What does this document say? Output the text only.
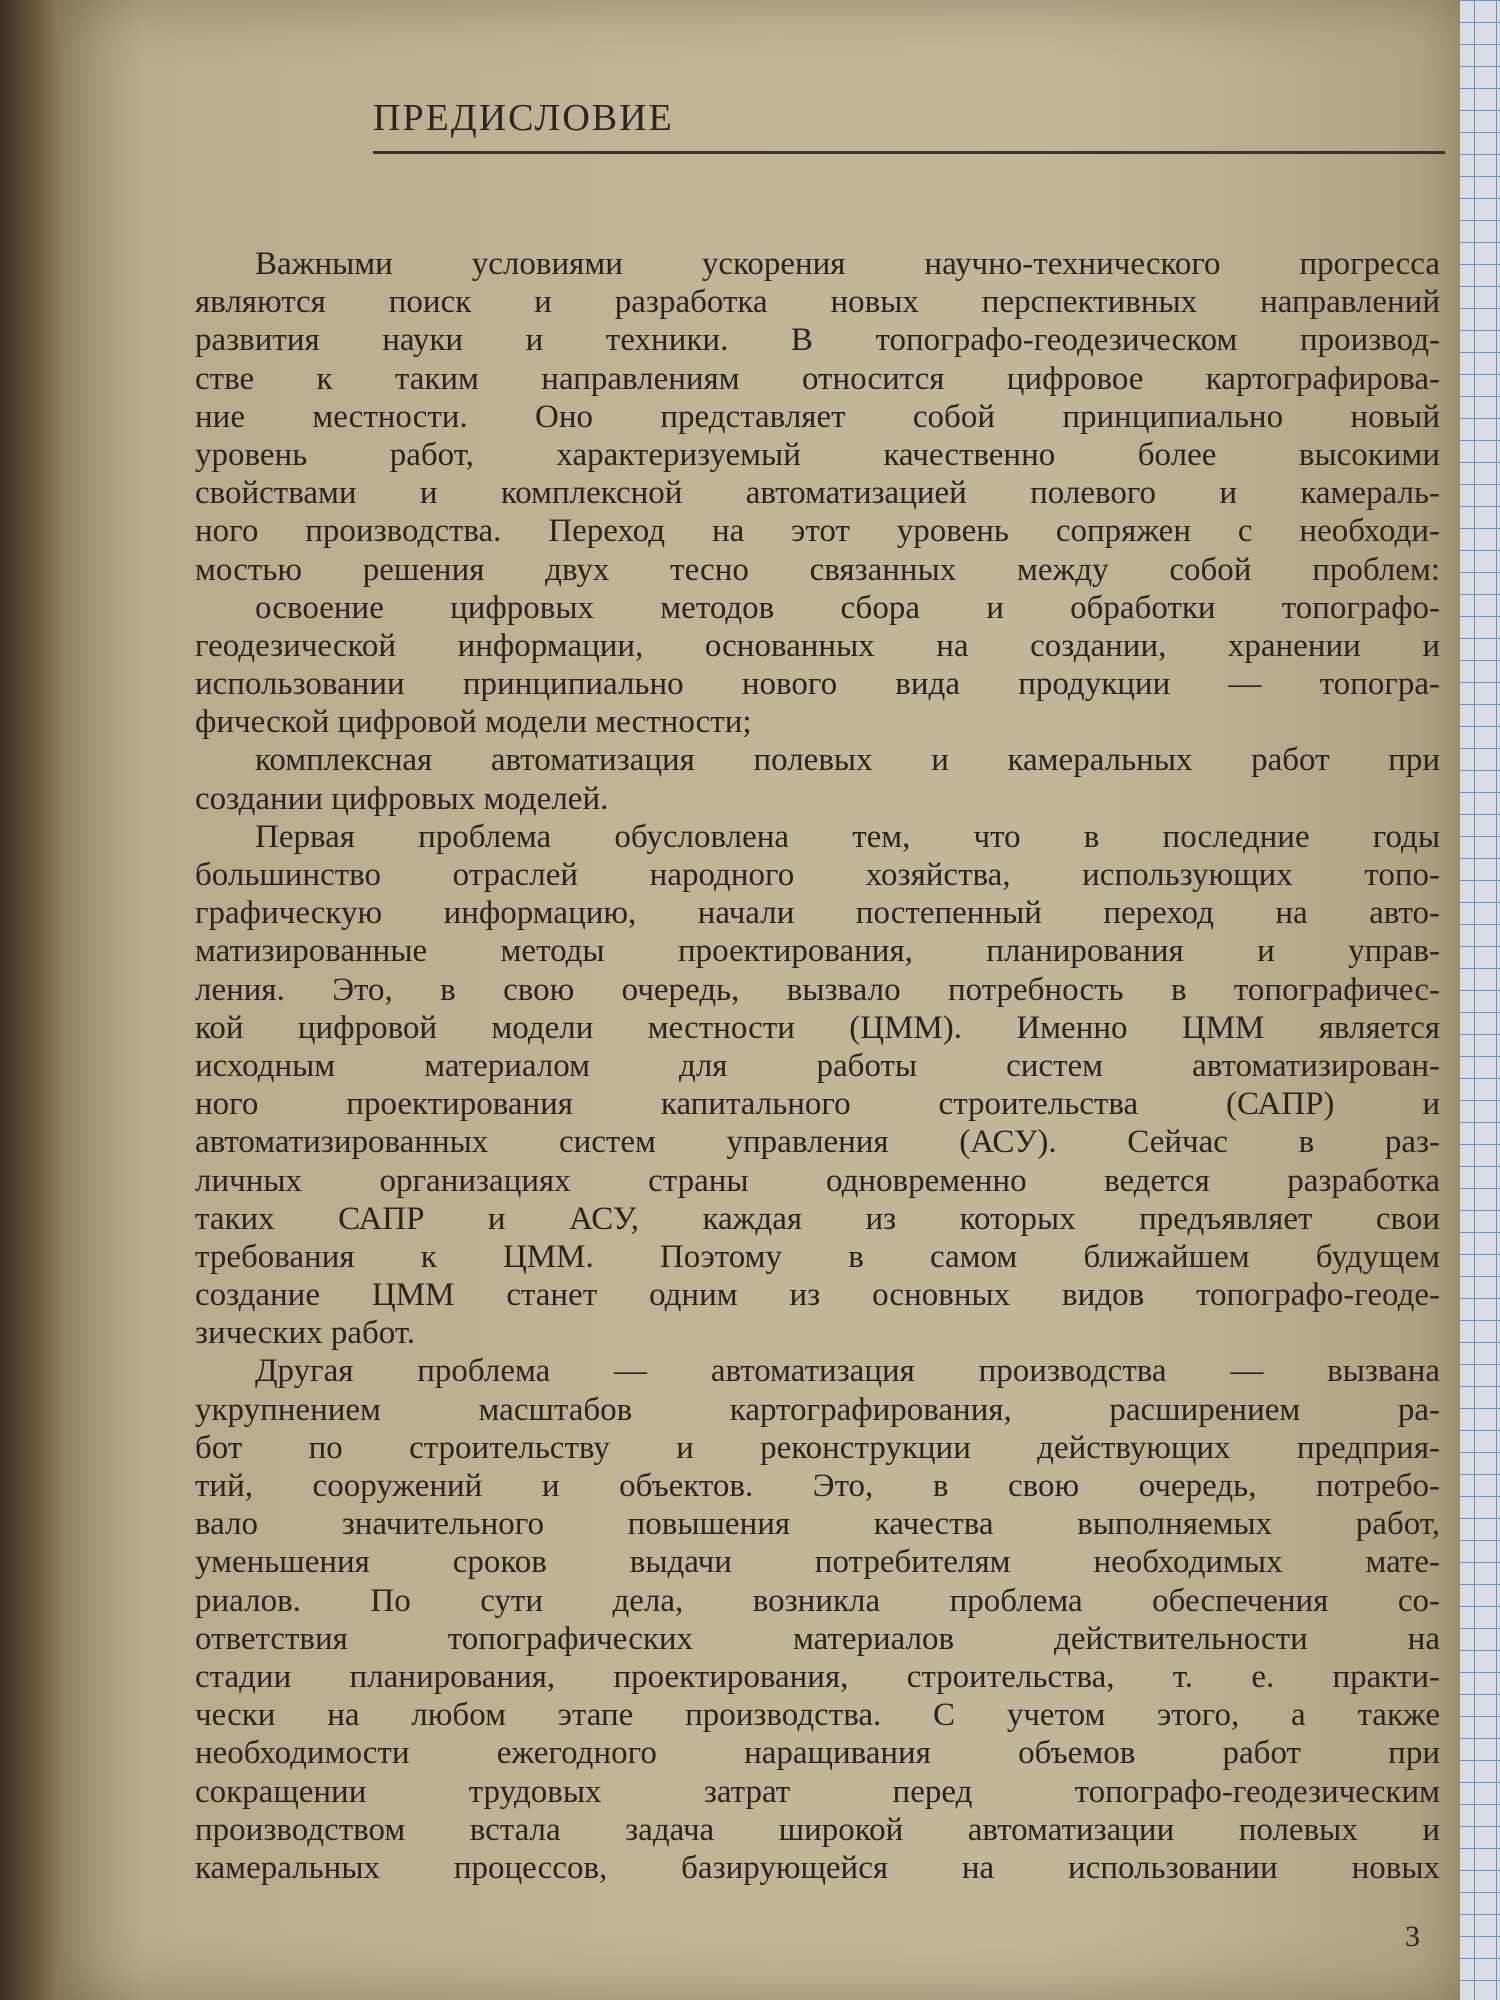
ПРЕДИСЛОВИЕ
Важными условиями ускорения научно-технического прогресса
являются поиск и разработка новых перспективных направлений
развития науки и техники. В топографо-геодезическом производ-
стве к таким направлениям относится цифровое картографирова-
ние местности. Оно представляет собой принципиально новый
уровень работ, характеризуемый качественно более высокими
свойствами и комплексной автоматизацией полевого и камераль-
ного производства. Переход на этот уровень сопряжен с необходи-
мостью решения двух тесно связанных между собой проблем:
освоение цифровых методов сбора и обработки топографо-
геодезической информации, основанных на создании, хранении и
использовании принципиально нового вида продукции — топогра-
фической цифровой модели местности;
комплексная автоматизация полевых и камеральных работ при
создании цифровых моделей.
Первая проблема обусловлена тем, что в последние годы
большинство отраслей народного хозяйства, использующих топо-
графическую информацию, начали постепенный переход на авто-
матизированные методы проектирования, планирования и управ-
ления. Это, в свою очередь, вызвало потребность в топографичес-
кой цифровой модели местности (ЦММ). Именно ЦММ является
исходным материалом для работы систем автоматизирован-
ного проектирования капитального строительства (САПР) и
автоматизированных систем управления (АСУ). Сейчас в раз-
личных организациях страны одновременно ведется разработка
таких САПР и АСУ, каждая из которых предъявляет свои
требования к ЦММ. Поэтому в самом ближайшем будущем
создание ЦММ станет одним из основных видов топографо-геоде-
зических работ.
Другая проблема — автоматизация производства — вызвана
укрупнением масштабов картографирования, расширением ра-
бот по строительству и реконструкции действующих предприя-
тий, сооружений и объектов. Это, в свою очередь, потребо-
вало значительного повышения качества выполняемых работ,
уменьшения сроков выдачи потребителям необходимых мате-
риалов. По сути дела, возникла проблема обеспечения со-
ответствия топографических материалов действительности на
стадии планирования, проектирования, строительства, т. е. практи-
чески на любом этапе производства. С учетом этого, а также
необходимости ежегодного наращивания объемов работ при
сокращении трудовых затрат перед топографо-геодезическим
производством встала задача широкой автоматизации полевых и
камеральных процессов, базирующейся на использовании новых
3
